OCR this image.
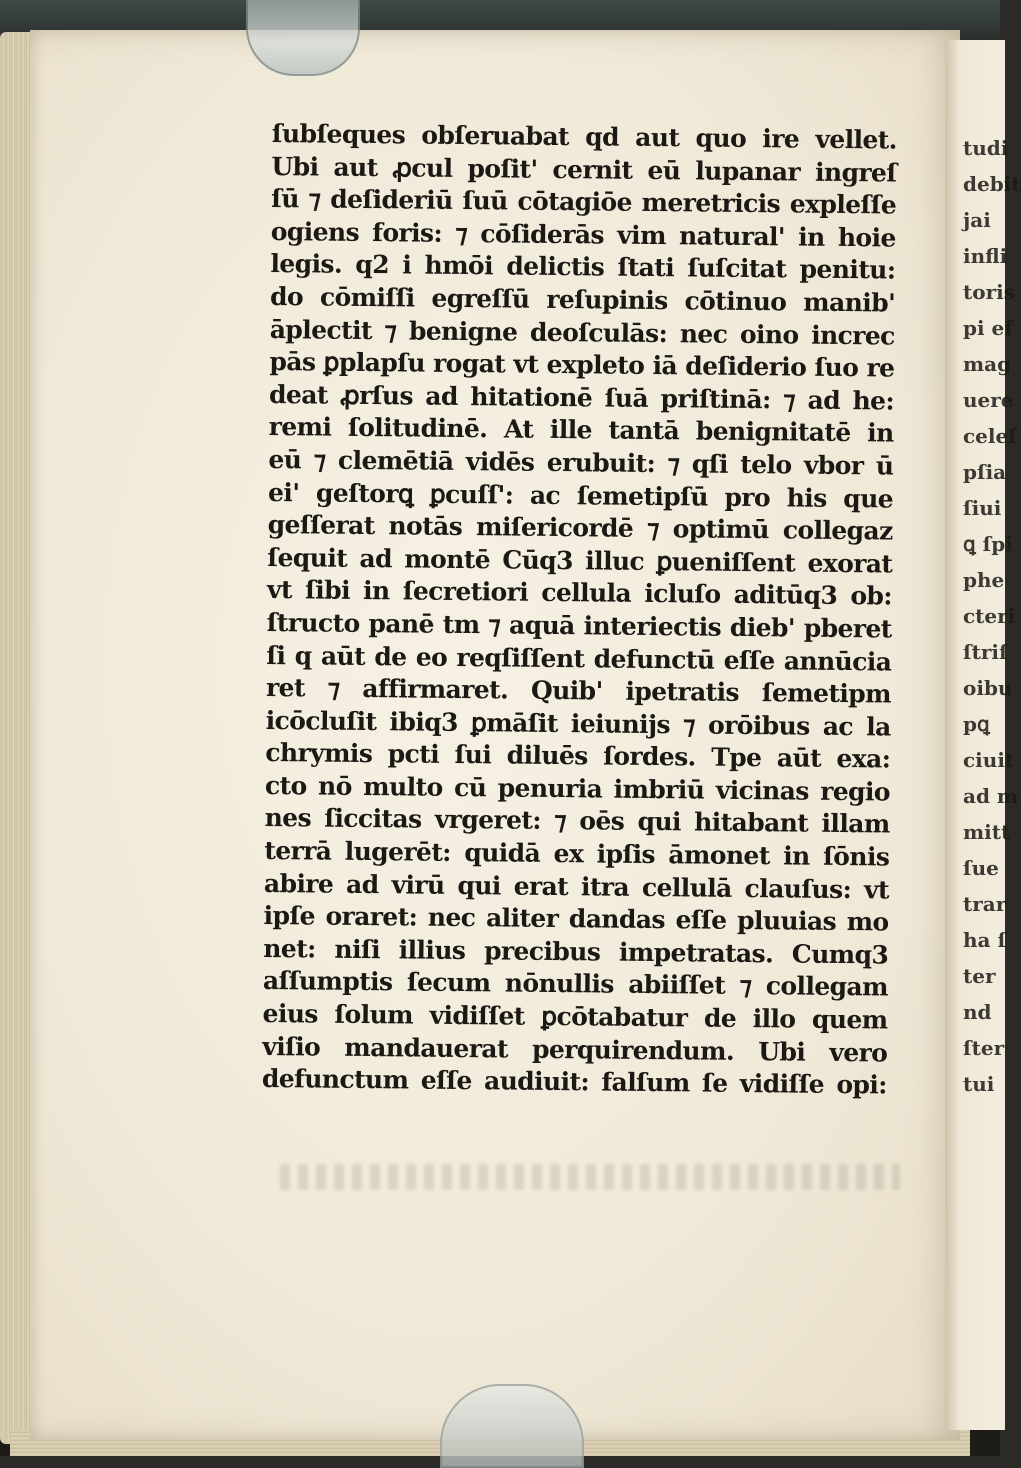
tudi
debit
jai
infli
toris
pi ef
mag
uere
celeſ
pſia
ſiui
ꝗ ſpi
phe
cteri
ſtriſ
oibu
pꝗ
ciuit
ad m
mitt
ſue
trar
ha ſ
ter
nd
ſter
tui
ſubſeques obſeruabat qd aut quo ire vellet.
Ubi aut ꝓcul poſit' cernit eū lupanar ingreſ
ſū ⁊ deſideriū ſuū cōtagiōe meretricis expleſſe
ogiens foris: ⁊ cōſiderās vim natural' in hoie
legis. q2 i hmōi delictis ſtati ſuſcitat penitu:
do cōmiſſi egreſſū reſupinis cōtinuo manib'
āplectit ⁊ benigne deoſculās: nec oino increc
pās ꝑplapſu rogat vt expleto iā deſiderio ſuo re
deat ꝓrſus ad hitationē ſuā priſtinā: ⁊ ad he:
remi ſolitudinē. At ille tantā benignitatē in
eū ⁊ clemētiā vidēs erubuit: ⁊ qſi telo vbor ū
ei' geſtorꝗ ꝑcuſſ': ac ſemetipſū pro his que
geſſerat notās miſericordē ⁊ optimū collegaz
ſequit ad montē Cūq3 illuc ꝑueniſſent exorat
vt ſibi in ſecretiori cellula icluſo aditūq3 ob:
ſtructo panē tm ⁊ aquā interiectis dieb' pberet
ſi q aūt de eo reqſiſſent defunctū eſſe annūcia
ret ⁊ affirmaret. Quib' ipetratis ſemetipm
icōcluſit ibiq3 ꝑmāſit ieiunijs ⁊ orōibus ac la
chrymis pcti ſui diluēs ſordes. Tpe aūt exa:
cto nō multo cū penuria imbriū vicinas regio
nes ſiccitas vrgeret: ⁊ oēs qui hitabant illam
terrā lugerēt: quidā ex ipſis āmonet in ſōnis
abire ad virū qui erat itra cellulā clauſus: vt
ipſe oraret: nec aliter dandas eſſe pluuias mo
net: niſi illius precibus impetratas. Cumq3
aſſumptis ſecum nōnullis abiiſſet ⁊ collegam
eius ſolum vidiſſet ꝑcōtabatur de illo quem
viſio mandauerat perquirendum. Ubi vero
defunctum eſſe audiuit: falſum ſe vidiſſe opi:
